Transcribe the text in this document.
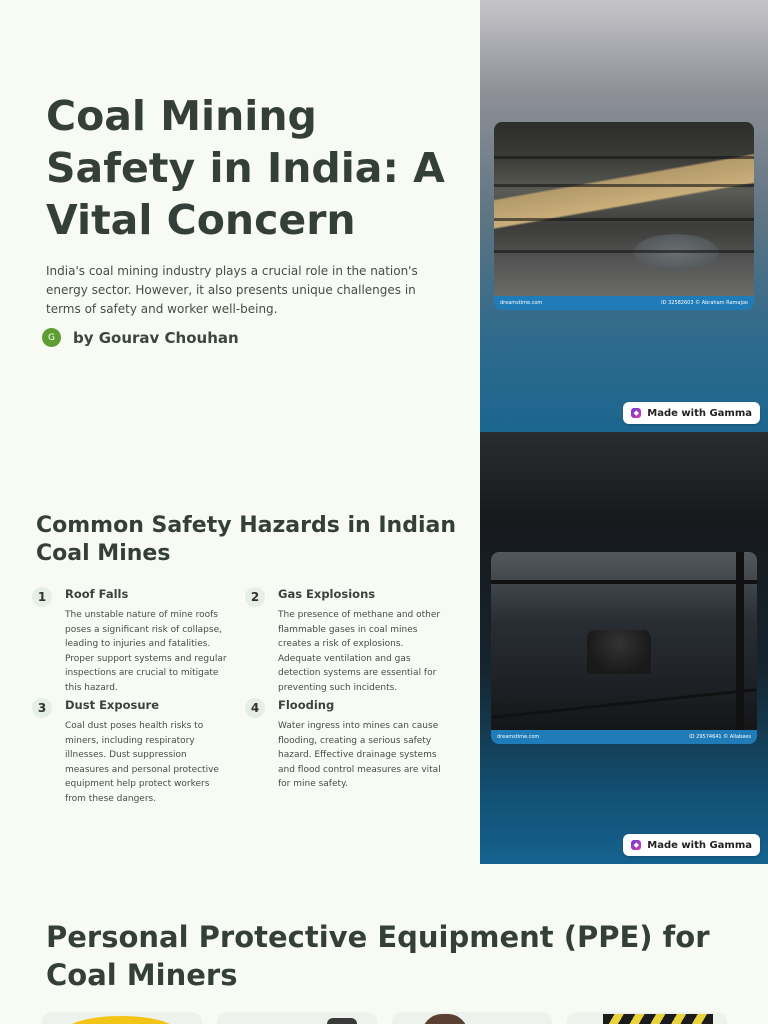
Coal Mining Safety in India: A Vital Concern

India's coal mining industry plays a crucial role in the nation's energy sector. However, it also presents unique challenges in terms of safety and worker well-being.

G	by Gourav Chouhan
dreamstime.com	ID 32582603 © Abraham Ramajoo
◆ Made with Gamma
Common Safety Hazards in Indian Coal Mines
1	Roof Falls

The unstable nature of mine roofs poses a significant risk of collapse, leading to injuries and fatalities. Proper support systems and regular inspections are crucial to mitigate this hazard.

2	Gas Explosions

The presence of methane and other flammable gases in coal mines creates a risk of explosions. Adequate ventilation and gas detection systems are essential for preventing such incidents.

3	Dust Exposure

Coal dust poses health risks to miners, including respiratory illnesses. Dust suppression measures and personal protective equipment help protect workers from these dangers.

4	Flooding

Water ingress into mines can cause flooding, creating a serious safety hazard. Effective drainage systems and flood control measures are vital for mine safety.

dreamstime.com	ID 29574641 © Allabees
◆ Made with Gamma
Personal Protective Equipment (PPE) for Coal Miners
